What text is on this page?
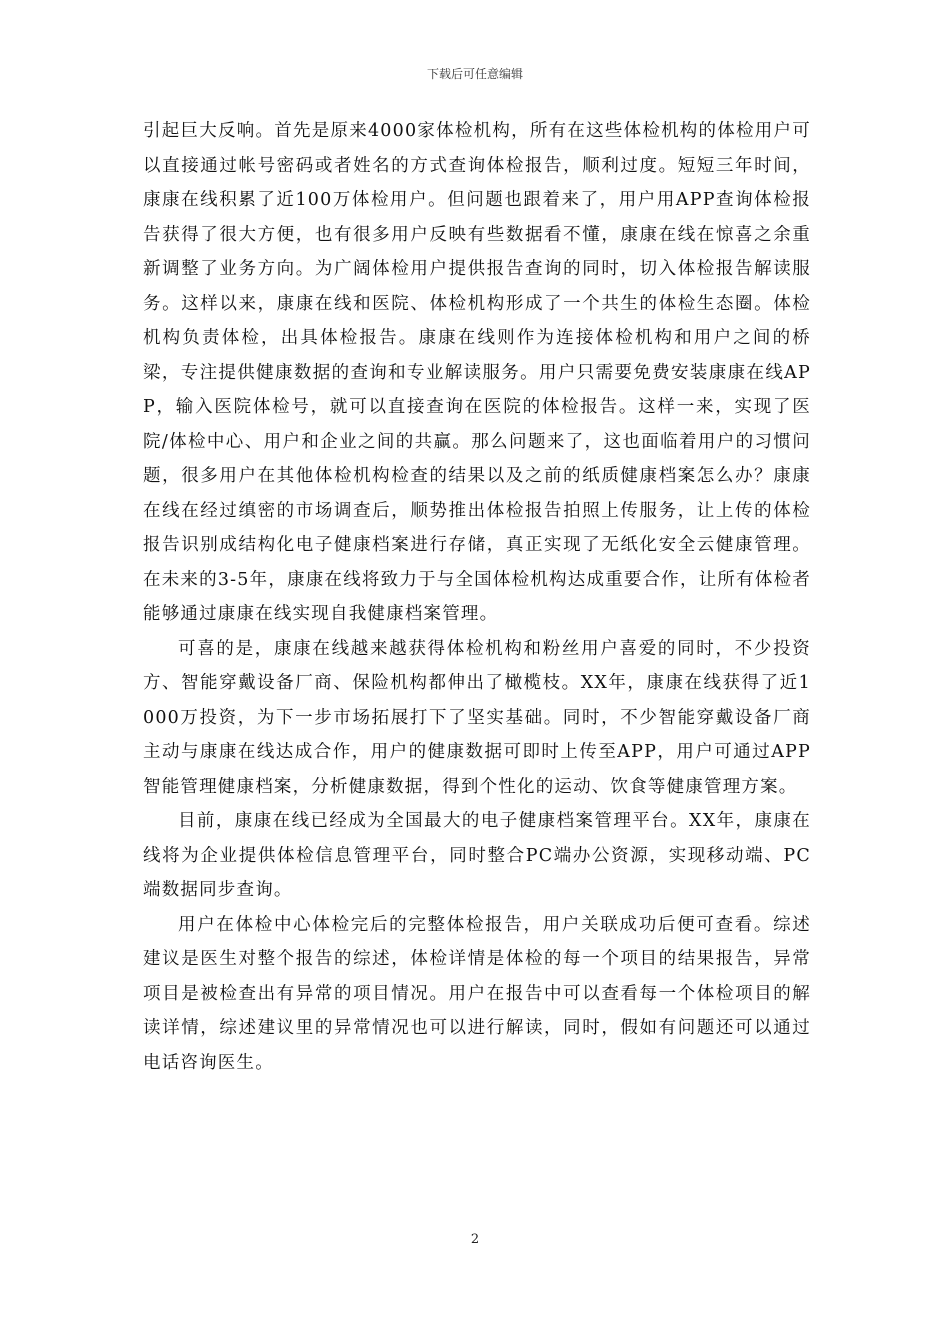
下载后可任意编辑

引起巨大反响。首先是原来4000家体检机构，所有在这些体检机构的体检用户可以直接通过帐号密码或者姓名的方式查询体检报告，顺利过度。短短三年时间，康康在线积累了近100万体检用户。但问题也跟着来了，用户用APP查询体检报告获得了很大方便，也有很多用户反映有些数据看不懂，康康在线在惊喜之余重新调整了业务方向。为广阔体检用户提供报告查询的同时，切入体检报告解读服务。这样以来，康康在线和医院、体检机构形成了一个共生的体检生态圈。体检机构负责体检，出具体检报告。康康在线则作为连接体检机构和用户之间的桥梁，专注提供健康数据的查询和专业解读服务。用户只需要免费安装康康在线APP，输入医院体检号，就可以直接查询在医院的体检报告。这样一来，实现了医院/体检中心、用户和企业之间的共赢。那么问题来了，这也面临着用户的习惯问题，很多用户在其他体检机构检查的结果以及之前的纸质健康档案怎么办？康康在线在经过缜密的市场调查后，顺势推出体检报告拍照上传服务，让上传的体检报告识别成结构化电子健康档案进行存储，真正实现了无纸化安全云健康管理。在未来的3-5年，康康在线将致力于与全国体检机构达成重要合作，让所有体检者能够通过康康在线实现自我健康档案管理。

可喜的是，康康在线越来越获得体检机构和粉丝用户喜爱的同时，不少投资方、智能穿戴设备厂商、保险机构都伸出了橄榄枝。XX年，康康在线获得了近1000万投资，为下一步市场拓展打下了坚实基础。同时，不少智能穿戴设备厂商主动与康康在线达成合作，用户的健康数据可即时上传至APP，用户可通过APP智能管理健康档案，分析健康数据，得到个性化的运动、饮食等健康管理方案。

目前，康康在线已经成为全国最大的电子健康档案管理平台。XX年，康康在线将为企业提供体检信息管理平台，同时整合PC端办公资源，实现移动端、PC端数据同步查询。

用户在体检中心体检完后的完整体检报告，用户关联成功后便可查看。综述建议是医生对整个报告的综述，体检详情是体检的每一个项目的结果报告，异常项目是被检查出有异常的项目情况。用户在报告中可以查看每一个体检项目的解读详情，综述建议里的异常情况也可以进行解读，同时，假如有问题还可以通过电话咨询医生。

2
